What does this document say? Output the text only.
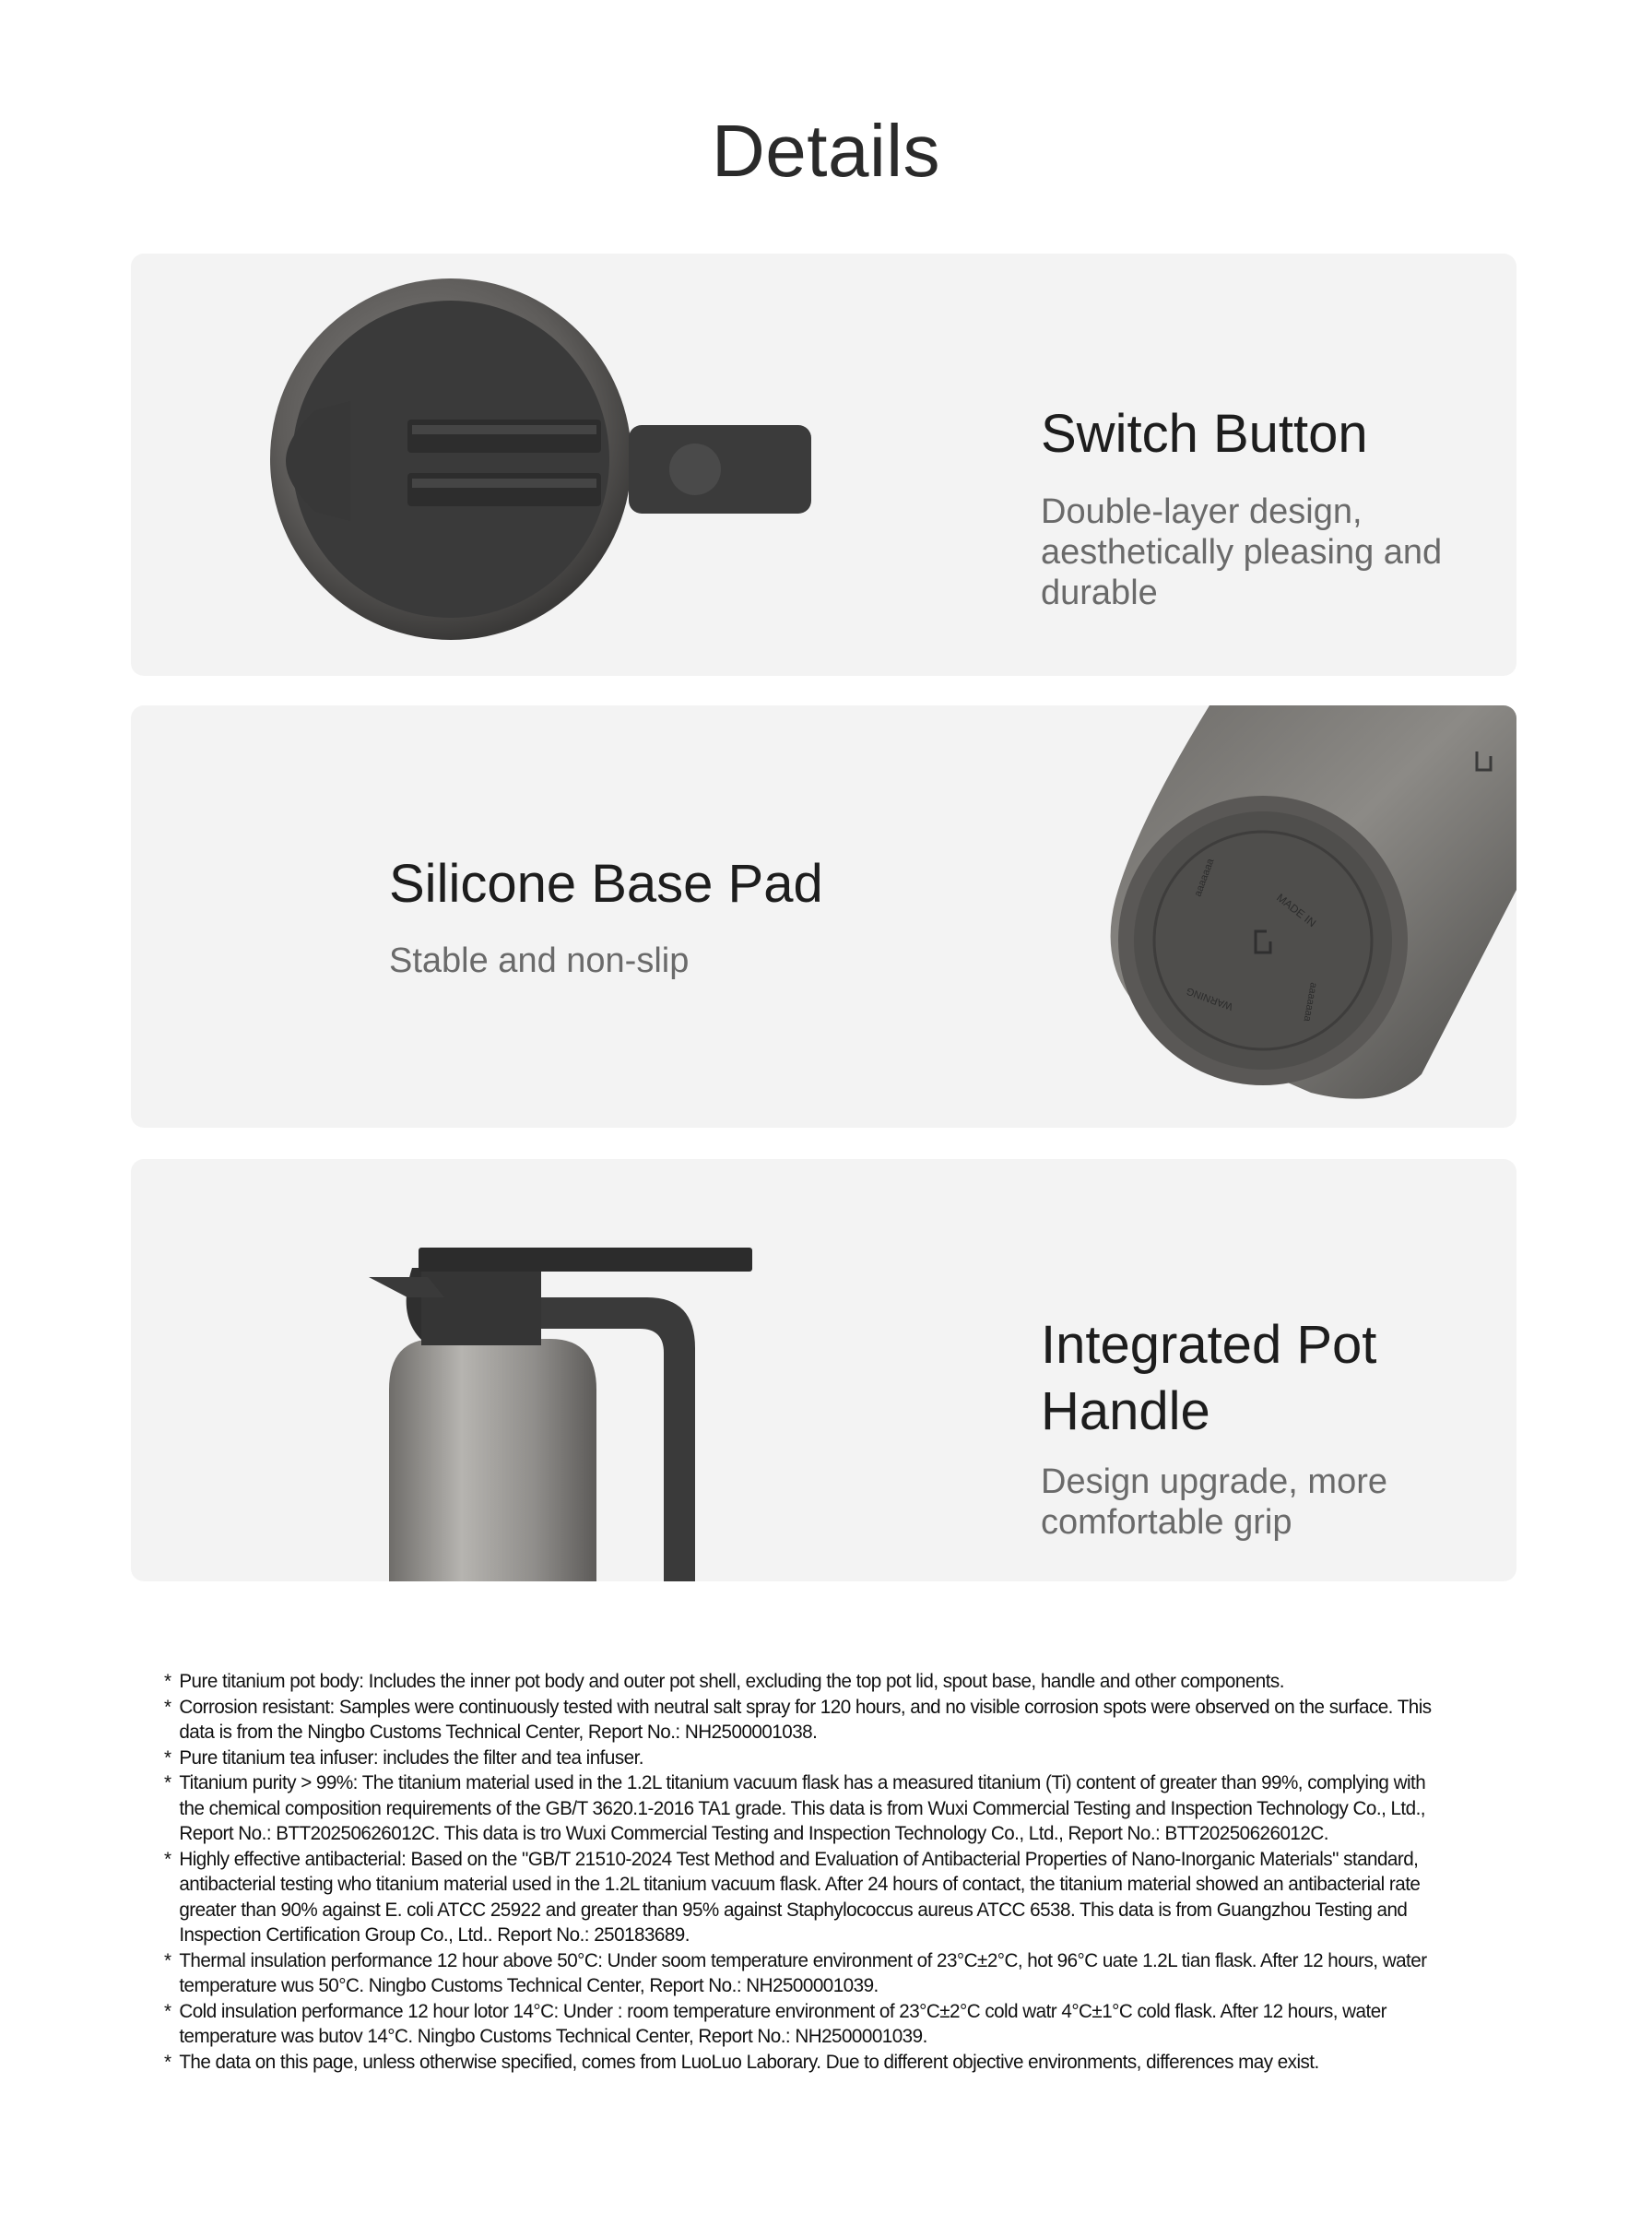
Details
Switch Button
Double-layer design, aesthetically pleasing and durable
MADE IN
aaaaaaa
aaaaaaa
WARNING
Silicone Base Pad
Stable and non-slip
Integrated Pot Handle
Design upgrade, more comfortable grip

* Pure titanium pot body: Includes the inner pot body and outer pot shell, excluding the top pot lid, spout base, handle and other components.

* Corrosion resistant: Samples were continuously tested with neutral salt spray for 120 hours, and no visible corrosion spots were observed on the surface. This data is from the Ningbo Customs Technical Center, Report No.: NH2500001038.

* Pure titanium tea infuser: includes the filter and tea infuser.

* Titanium purity > 99%: The titanium material used in the 1.2L titanium vacuum flask has a measured titanium (Ti) content of greater than 99%, complying with the chemical composition requirements of the GB/T 3620.1-2016 TA1 grade. This data is from Wuxi Commercial Testing and Inspection Technology Co., Ltd., Report No.: BTT20250626012C. This data is tro Wuxi Commercial Testing and Inspection Technology Co., Ltd., Report No.: BTT20250626012C.

* Highly effective antibacterial: Based on the "GB/T 21510-2024 Test Method and Evaluation of Antibacterial Properties of Nano-Inorganic Materials" standard, antibacterial testing who titanium material used in the 1.2L titanium vacuum flask. After 24 hours of contact, the titanium material showed an antibacterial rate greater than 90% against E. coli ATCC 25922 and greater than 95% against Staphylococcus aureus ATCC 6538. This data is from Guangzhou Testing and Inspection Certification Group Co., Ltd.. Report No.: 250183689.

* Thermal insulation performance 12 hour above 50°C: Under soom temperature environment of 23°C±2°C, hot 96°C uate 1.2L tian flask. After 12 hours, water temperature wus 50°C. Ningbo Customs Technical Center, Report No.: NH2500001039.

* Cold insulation performance 12 hour lotor 14°C: Under : room temperature environment of 23°C±2°C cold watr 4°C±1°C cold flask. After 12 hours, water temperature was butov 14°C. Ningbo Customs Technical Center, Report No.: NH2500001039.

* The data on this page, unless otherwise specified, comes from LuoLuo Laborary. Due to different objective environments, differences may exist.
